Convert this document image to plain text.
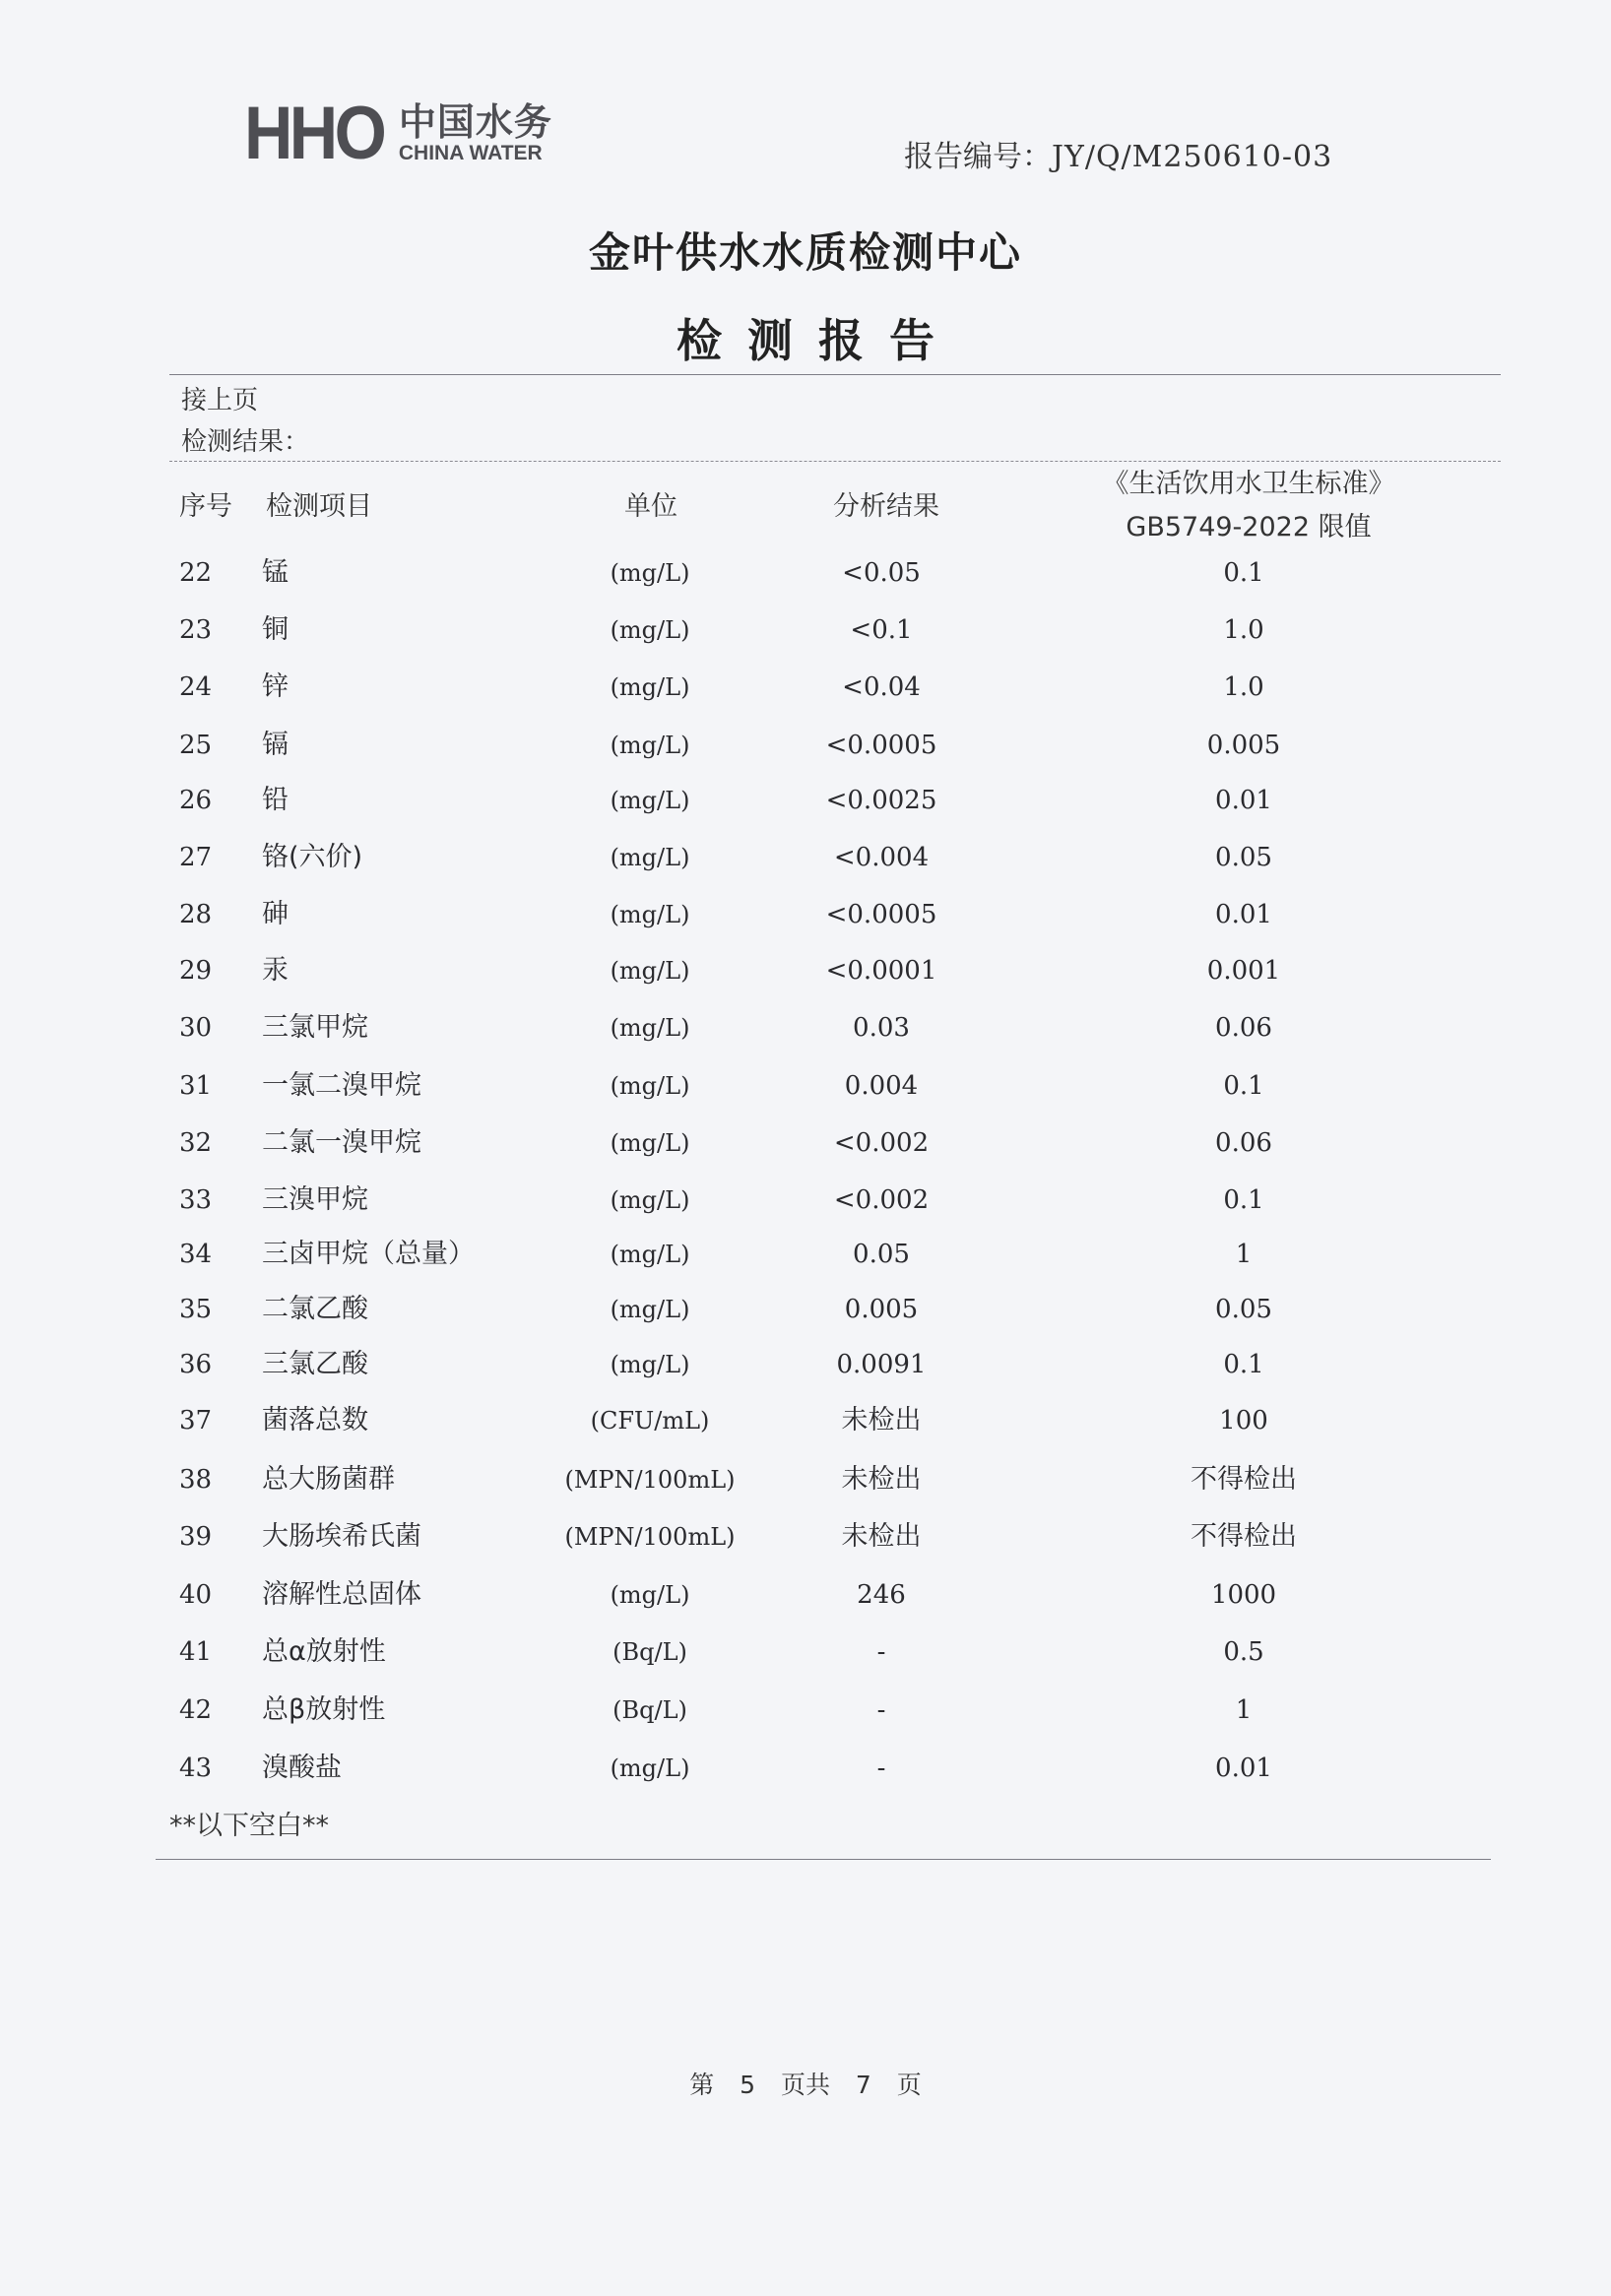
HHO 中国水务
CHINA WATER	报告编号：JY/Q/M250610-03
金叶供水水质检测中心
检测报告
接上页
检测结果：
序号 检测项目	单位	分析结果
《生活饮用水卫生标准》
GB5749-2022 限值
22 锰	(mg/L)	<0.05	0.1
23 铜	(mg/L)	<0.1	1.0
24 锌	(mg/L)	<0.04	1.0
25 镉	(mg/L)	<0.0005	0.005
26 铅	(mg/L)	<0.0025	0.01
27 铬(六价)	(mg/L)	<0.004	0.05
28 砷	(mg/L)	<0.0005	0.01
29 汞	(mg/L)	<0.0001	0.001
30 三氯甲烷	(mg/L)	0.03	0.06
31 一氯二溴甲烷	(mg/L)	0.004	0.1
32 二氯一溴甲烷	(mg/L)	<0.002	0.06
33 三溴甲烷	(mg/L)	<0.002	0.1
34 三卤甲烷（总量）	(mg/L)	0.05	1
35 二氯乙酸	(mg/L)	0.005	0.05
36 三氯乙酸	(mg/L)	0.0091	0.1
37 菌落总数	(CFU/mL)	未检出	100
38 总大肠菌群	(MPN/100mL)	未检出	不得检出
39 大肠埃希氏菌	(MPN/100mL)	未检出	不得检出
40 溶解性总固体	(mg/L)	246	1000
41 总α放射性	(Bq/L)	-	0.5
42 总β放射性	(Bq/L)	-	1
43 溴酸盐	(mg/L)	-	0.01
**以下空白**
第 5 页共 7 页
